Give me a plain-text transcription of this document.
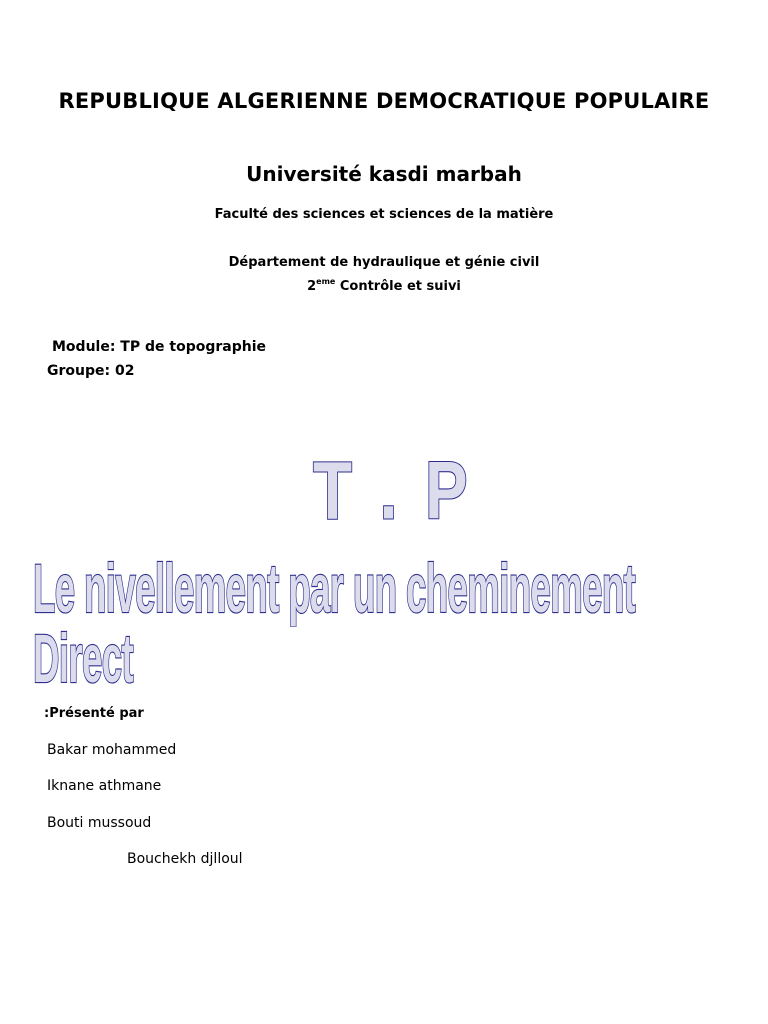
REPUBLIQUE ALGERIENNE DEMOCRATIQUE POPULAIRE
Université kasdi marbah
Faculté des sciences et sciences de la matière
Département de hydraulique et génie civil
2eme Contrôle et suivi
Module: TP de topographie
Groupe: 02
T . P
Le nivellement par un cheminement
Direct
:Présenté par
Bakar mohammed
Iknane athmane
Bouti mussoud
Bouchekh djlloul
